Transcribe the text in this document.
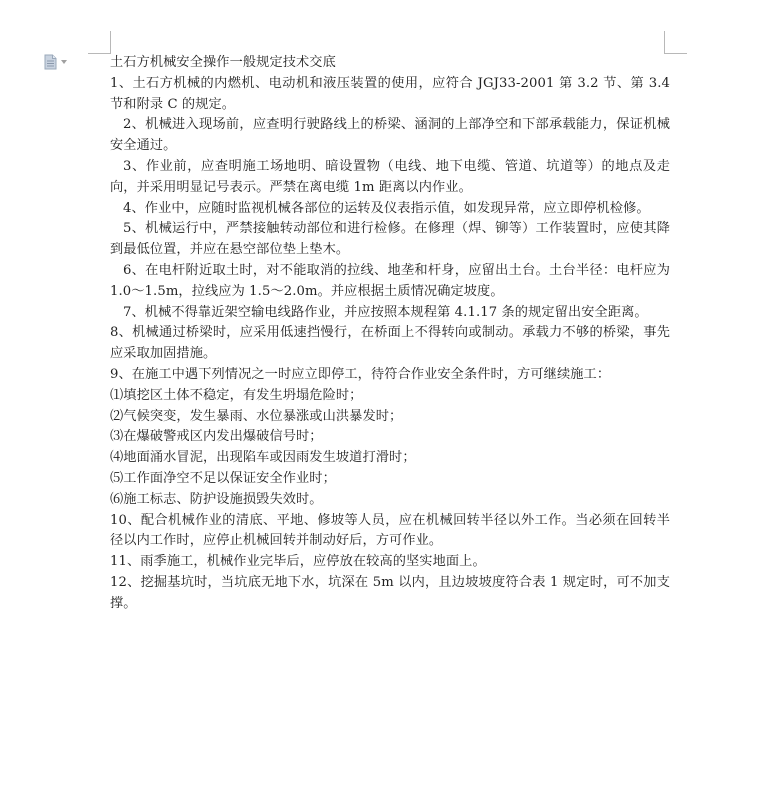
土石方机械安全操作一般规定技术交底

1、土石方机械的内燃机、电动机和液压装置的使用，应符合 JGJ33-2001 第 3.2 节、第 3.4 节和附录 C 的规定。

2、机械进入现场前，应查明行驶路线上的桥梁、涵洞的上部净空和下部承载能力，保证机械安全通过。

3、作业前，应查明施工场地明、暗设置物（电线、地下电缆、管道、坑道等）的地点及走向，并采用明显记号表示。严禁在离电缆 1m 距离以内作业。

4、作业中，应随时监视机械各部位的运转及仪表指示值，如发现异常，应立即停机检修。

5、机械运行中，严禁接触转动部位和进行检修。在修理（焊、铆等）工作装置时，应使其降到最低位置，并应在悬空部位垫上垫木。

6、在电杆附近取土时，对不能取消的拉线、地垄和杆身，应留出土台。土台半径：电杆应为 1.0～1.5m，拉线应为 1.5～2.0m。并应根据土质情况确定坡度。

7、机械不得靠近架空输电线路作业，并应按照本规程第 4.1.17 条的规定留出安全距离。

8、机械通过桥梁时，应采用低速挡慢行，在桥面上不得转向或制动。承载力不够的桥梁，事先应采取加固措施。

9、在施工中遇下列情况之一时应立即停工，待符合作业安全条件时，方可继续施工：

⑴填挖区土体不稳定，有发生坍塌危险时；

⑵气候突变，发生暴雨、水位暴涨或山洪暴发时；

⑶在爆破警戒区内发出爆破信号时；

⑷地面涌水冒泥，出现陷车或因雨发生坡道打滑时；

⑸工作面净空不足以保证安全作业时；

⑹施工标志、防护设施损毁失效时。

10、配合机械作业的清底、平地、修坡等人员，应在机械回转半径以外工作。当必须在回转半径以内工作时，应停止机械回转并制动好后，方可作业。

11、雨季施工，机械作业完毕后，应停放在较高的坚实地面上。

12、挖掘基坑时，当坑底无地下水，坑深在 5m 以内，且边坡坡度符合表 1 规定时，可不加支撑。
